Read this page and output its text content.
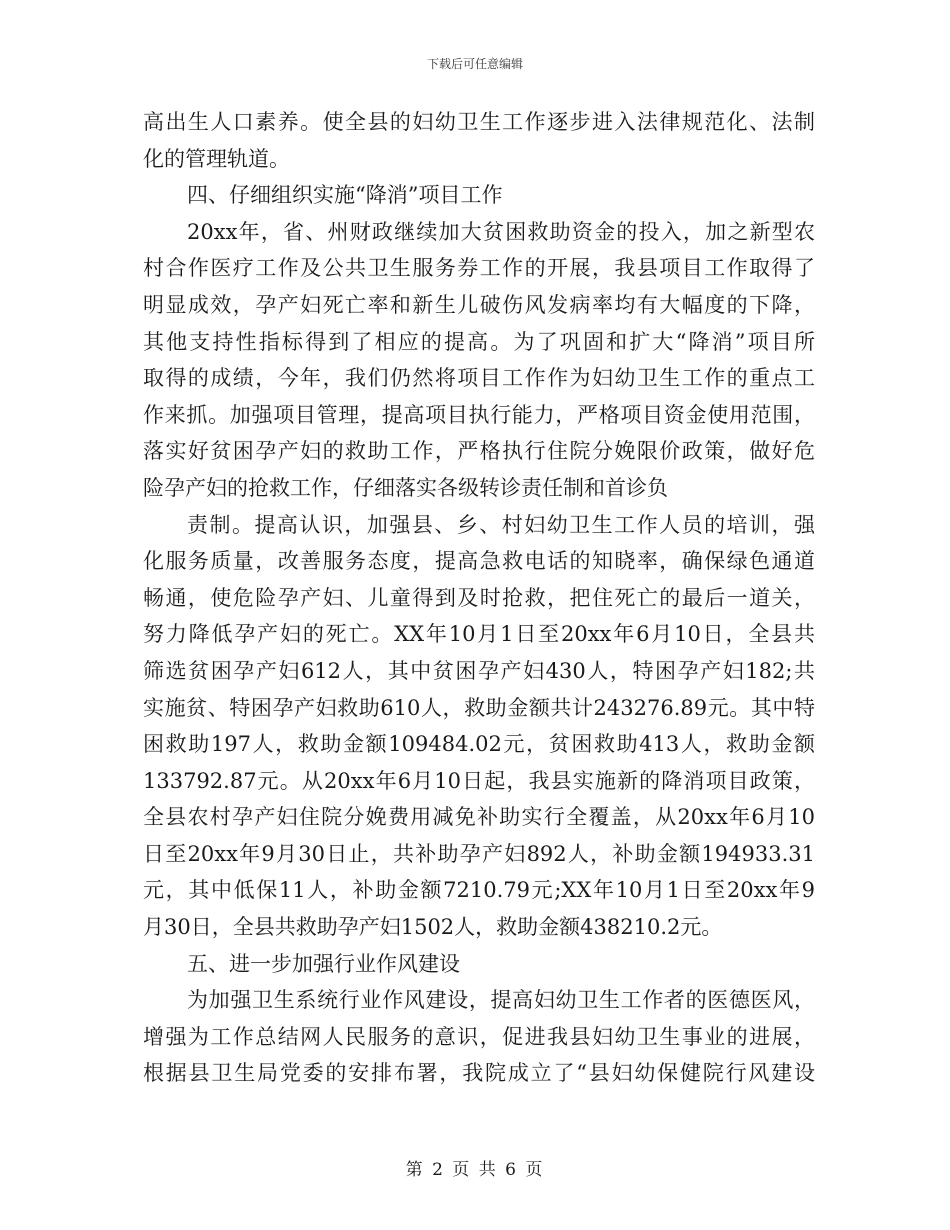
下载后可任意编辑
高出生人口素养。使全县的妇幼卫生工作逐步进入法律规范化、法制
化的管理轨道。
四、仔细组织实施“降消”项目工作
20xx年，省、州财政继续加大贫困救助资金的投入，加之新型农
村合作医疗工作及公共卫生服务券工作的开展，我县项目工作取得了
明显成效，孕产妇死亡率和新生儿破伤风发病率均有大幅度的下降，
其他支持性指标得到了相应的提高。为了巩固和扩大“降消”项目所
取得的成绩，今年，我们仍然将项目工作作为妇幼卫生工作的重点工
作来抓。加强项目管理，提高项目执行能力，严格项目资金使用范围，
落实好贫困孕产妇的救助工作，严格执行住院分娩限价政策，做好危
险孕产妇的抢救工作，仔细落实各级转诊责任制和首诊负
责制。提高认识，加强县、乡、村妇幼卫生工作人员的培训，强
化服务质量，改善服务态度，提高急救电话的知晓率，确保绿色通道
畅通，使危险孕产妇、儿童得到及时抢救，把住死亡的最后一道关，
努力降低孕产妇的死亡。XX年10月1日至20xx年6月10日，全县共
筛选贫困孕产妇612人，其中贫困孕产妇430人，特困孕产妇182;共
实施贫、特困孕产妇救助610人，救助金额共计243276.89元。其中特
困救助197人，救助金额109484.02元，贫困救助413人，救助金额
133792.87元。从20xx年6月10日起，我县实施新的降消项目政策，
全县农村孕产妇住院分娩费用减免补助实行全覆盖，从20xx年6月10
日至20xx年9月30日止，共补助孕产妇892人，补助金额194933.31
元，其中低保11人，补助金额7210.79元;XX年10月1日至20xx年9
月30日，全县共救助孕产妇1502人，救助金额438210.2元。
五、进一步加强行业作风建设
为加强卫生系统行业作风建设，提高妇幼卫生工作者的医德医风，
增强为工作总结网人民服务的意识，促进我县妇幼卫生事业的进展，
根据县卫生局党委的安排布署，我院成立了“县妇幼保健院行风建设
第 2 页 共 6 页
